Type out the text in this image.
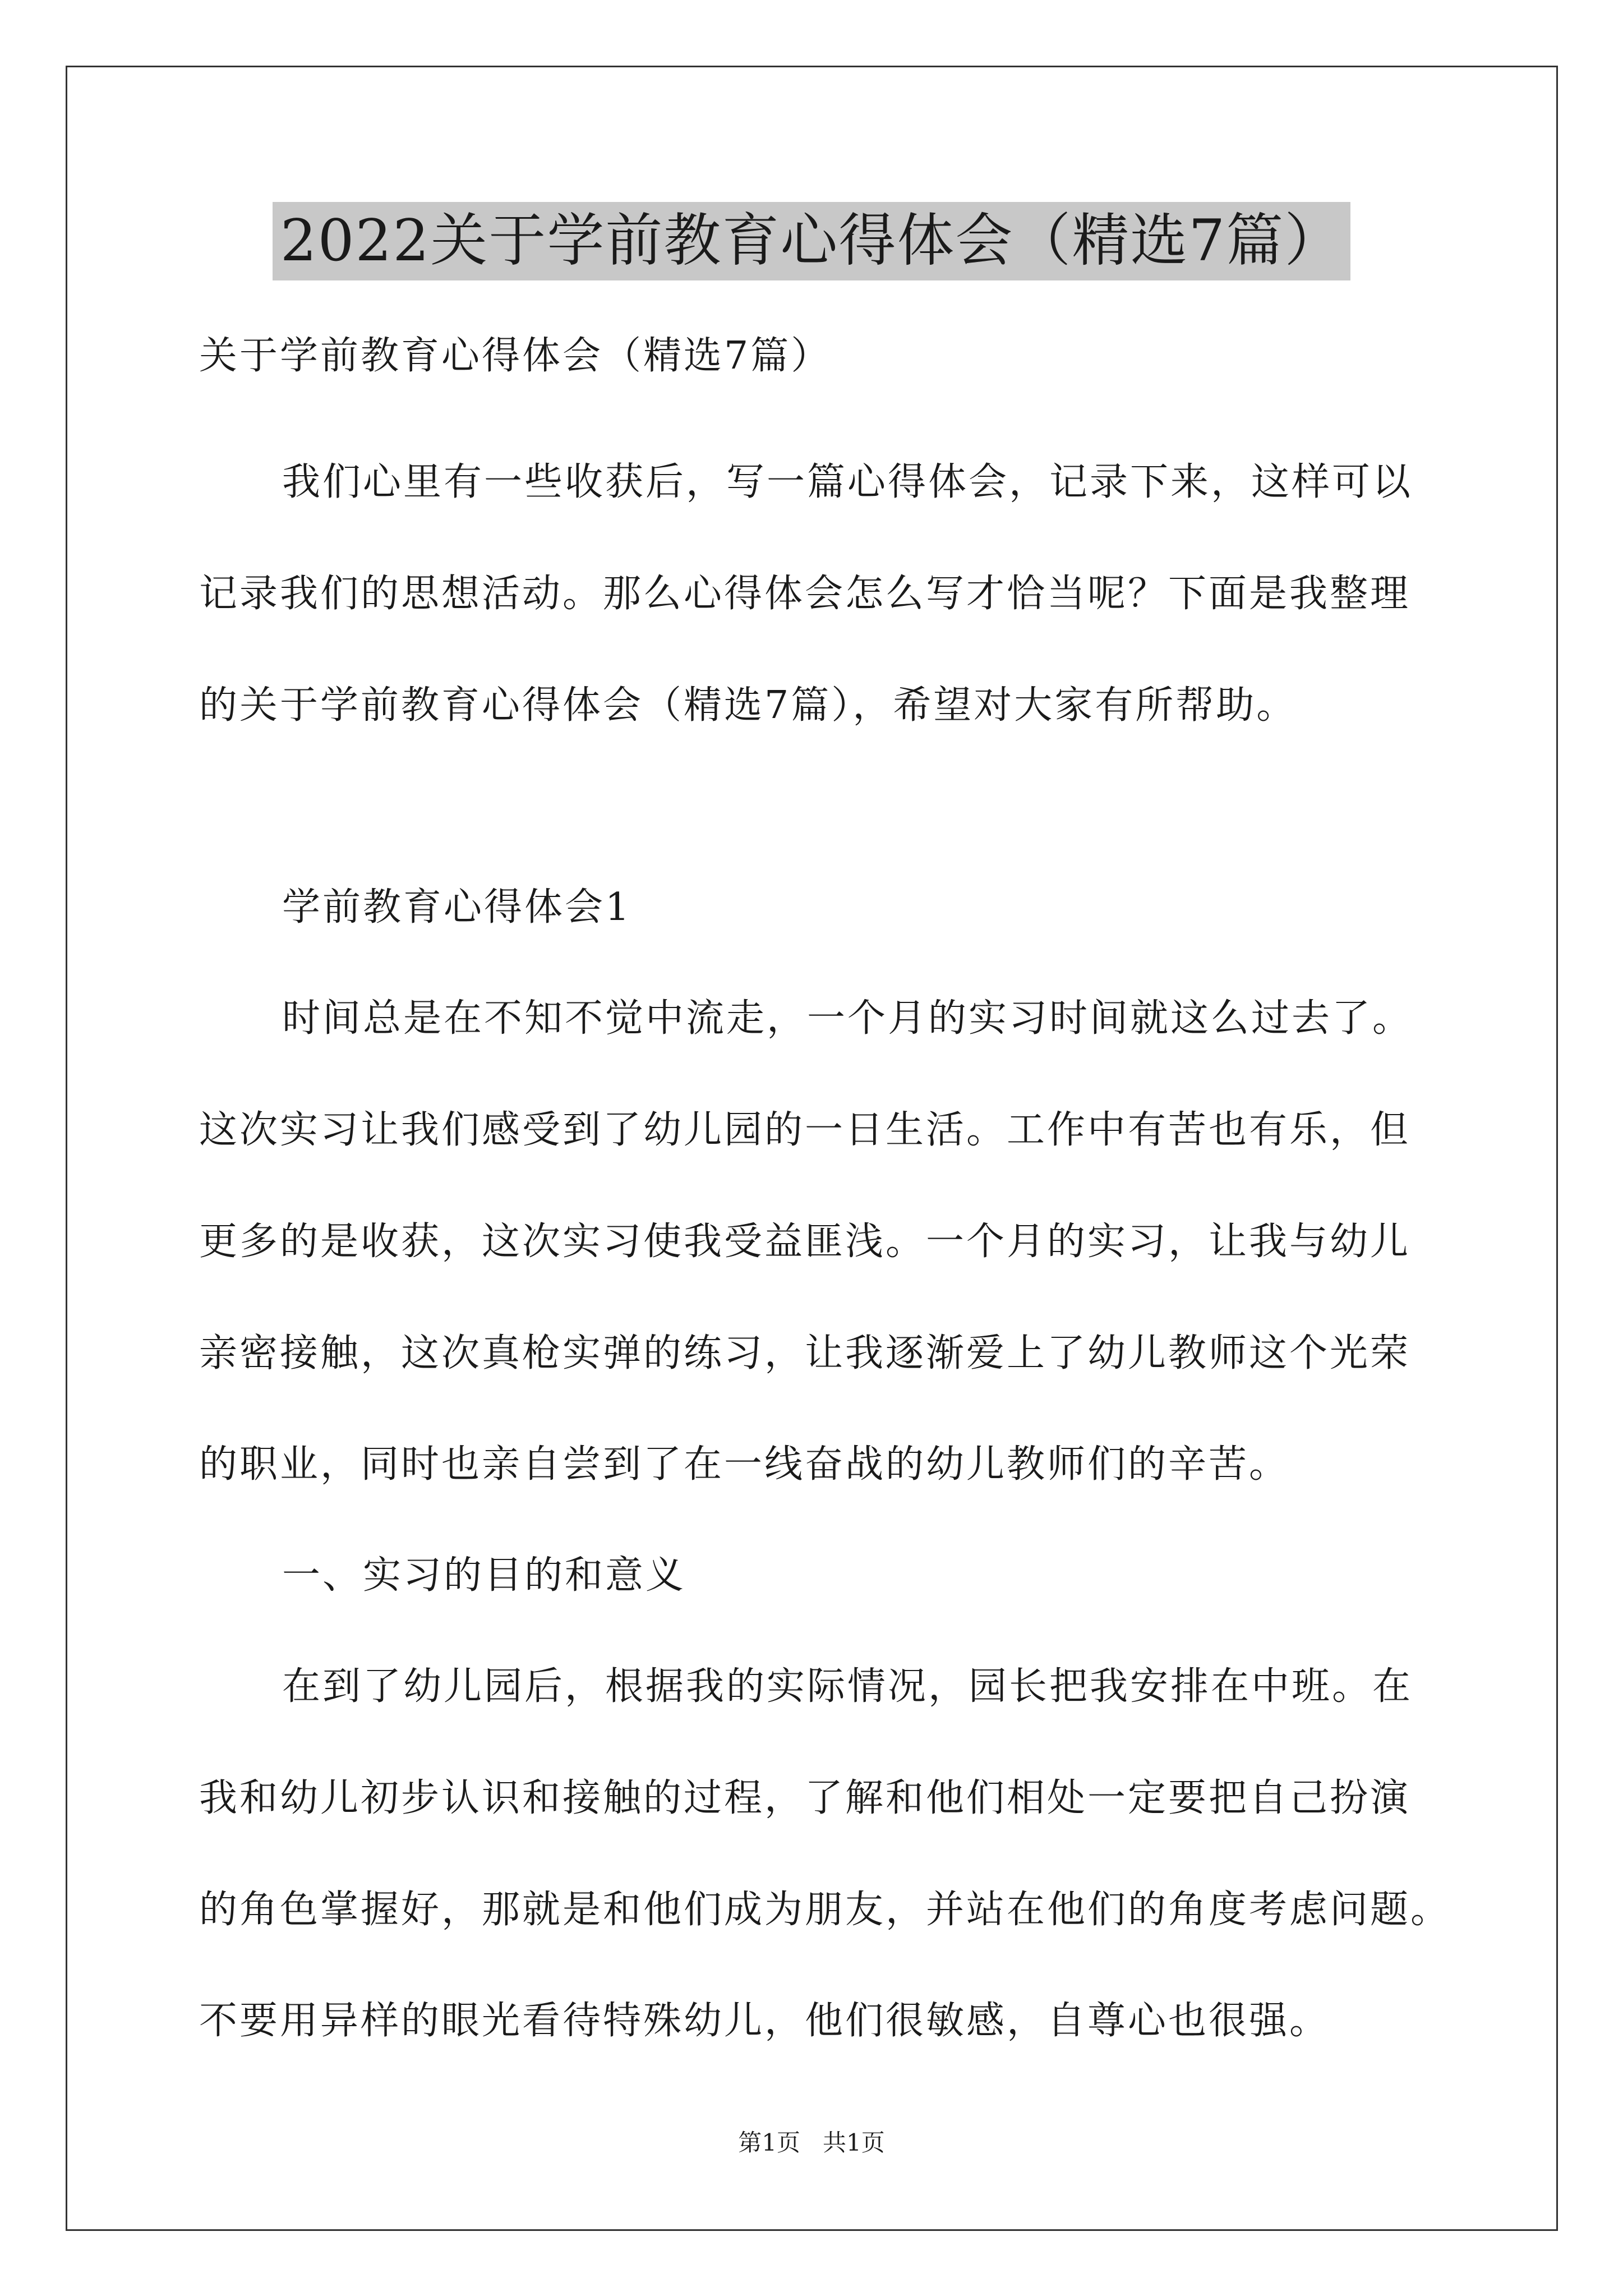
2022关于学前教育心得体会（精选7篇）
关于学前教育心得体会（精选7篇）
我们心里有一些收获后，写一篇心得体会，记录下来，这样可以
记录我们的思想活动。那么心得体会怎么写才恰当呢？下面是我整理
的关于学前教育心得体会（精选7篇），希望对大家有所帮助。
学前教育心得体会1
时间总是在不知不觉中流走，一个月的实习时间就这么过去了。
这次实习让我们感受到了幼儿园的一日生活。工作中有苦也有乐，但
更多的是收获，这次实习使我受益匪浅。一个月的实习，让我与幼儿
亲密接触，这次真枪实弹的练习，让我逐渐爱上了幼儿教师这个光荣
的职业，同时也亲自尝到了在一线奋战的幼儿教师们的辛苦。
一、实习的目的和意义
在到了幼儿园后，根据我的实际情况，园长把我安排在中班。在
我和幼儿初步认识和接触的过程，了解和他们相处一定要把自己扮演
的角色掌握好，那就是和他们成为朋友，并站在他们的角度考虑问题。
不要用异样的眼光看待特殊幼儿，他们很敏感，自尊心也很强。
第1页   共1页
